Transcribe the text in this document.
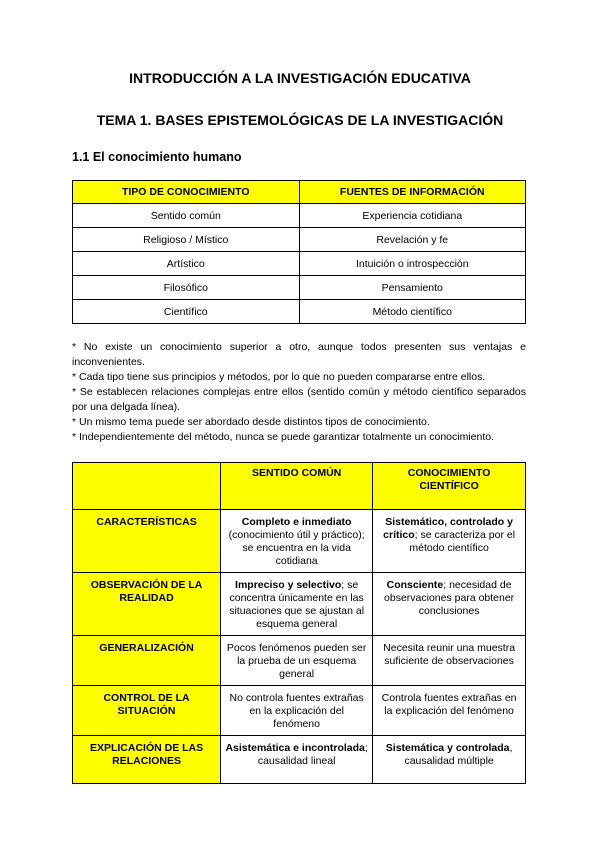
INTRODUCCIÓN A LA INVESTIGACIÓN EDUCATIVA
TEMA 1. BASES EPISTEMOLÓGICAS DE LA INVESTIGACIÓN
1.1 El conocimiento humano
TIPO DE CONOCIMIENTO	FUENTES DE INFORMACIÓN
Sentido común	Experiencia cotidiana
Religioso / Místico	Revelación y fe
Artístico	Intuición o introspección
Filosófico	Pensamiento
Científico	Método científico

* No existe un conocimiento superior a otro, aunque todos presenten sus ventajas e inconvenientes.

* Cada tipo tiene sus principios y métodos, por lo que no pueden compararse entre ellos.

* Se establecen relaciones complejas entre ellos (sentido común y método científico separados por una delgada línea).

* Un mismo tema puede ser abordado desde distintos tipos de conocimiento.

* Independientemente del método, nunca se puede garantizar totalmente un conocimiento.

	SENTIDO COMÚN	CONOCIMIENTO CIENTÍFICO
CARACTERÍSTICAS	Completo e inmediato (conocimiento útil y práctico); se encuentra en la vida cotidiana	Sistemático, controlado y crítico; se caracteriza por el método científico
OBSERVACIÓN DE LA REALIDAD	Impreciso y selectivo; se concentra únicamente en las situaciones que se ajustan al esquema general	Consciente; necesidad de observaciones para obtener conclusiones
GENERALIZACIÓN	Pocos fenómenos pueden ser la prueba de un esquema general	Necesita reunir una muestra suficiente de observaciones
CONTROL DE LA SITUACIÓN	No controla fuentes extrañas en la explicación del fenómeno	Controla fuentes extrañas en la explicación del fenómeno
EXPLICACIÓN DE LAS RELACIONES	Asistemática e incontrolada; causalidad lineal	Sistemática y controlada, causalidad múltiple
